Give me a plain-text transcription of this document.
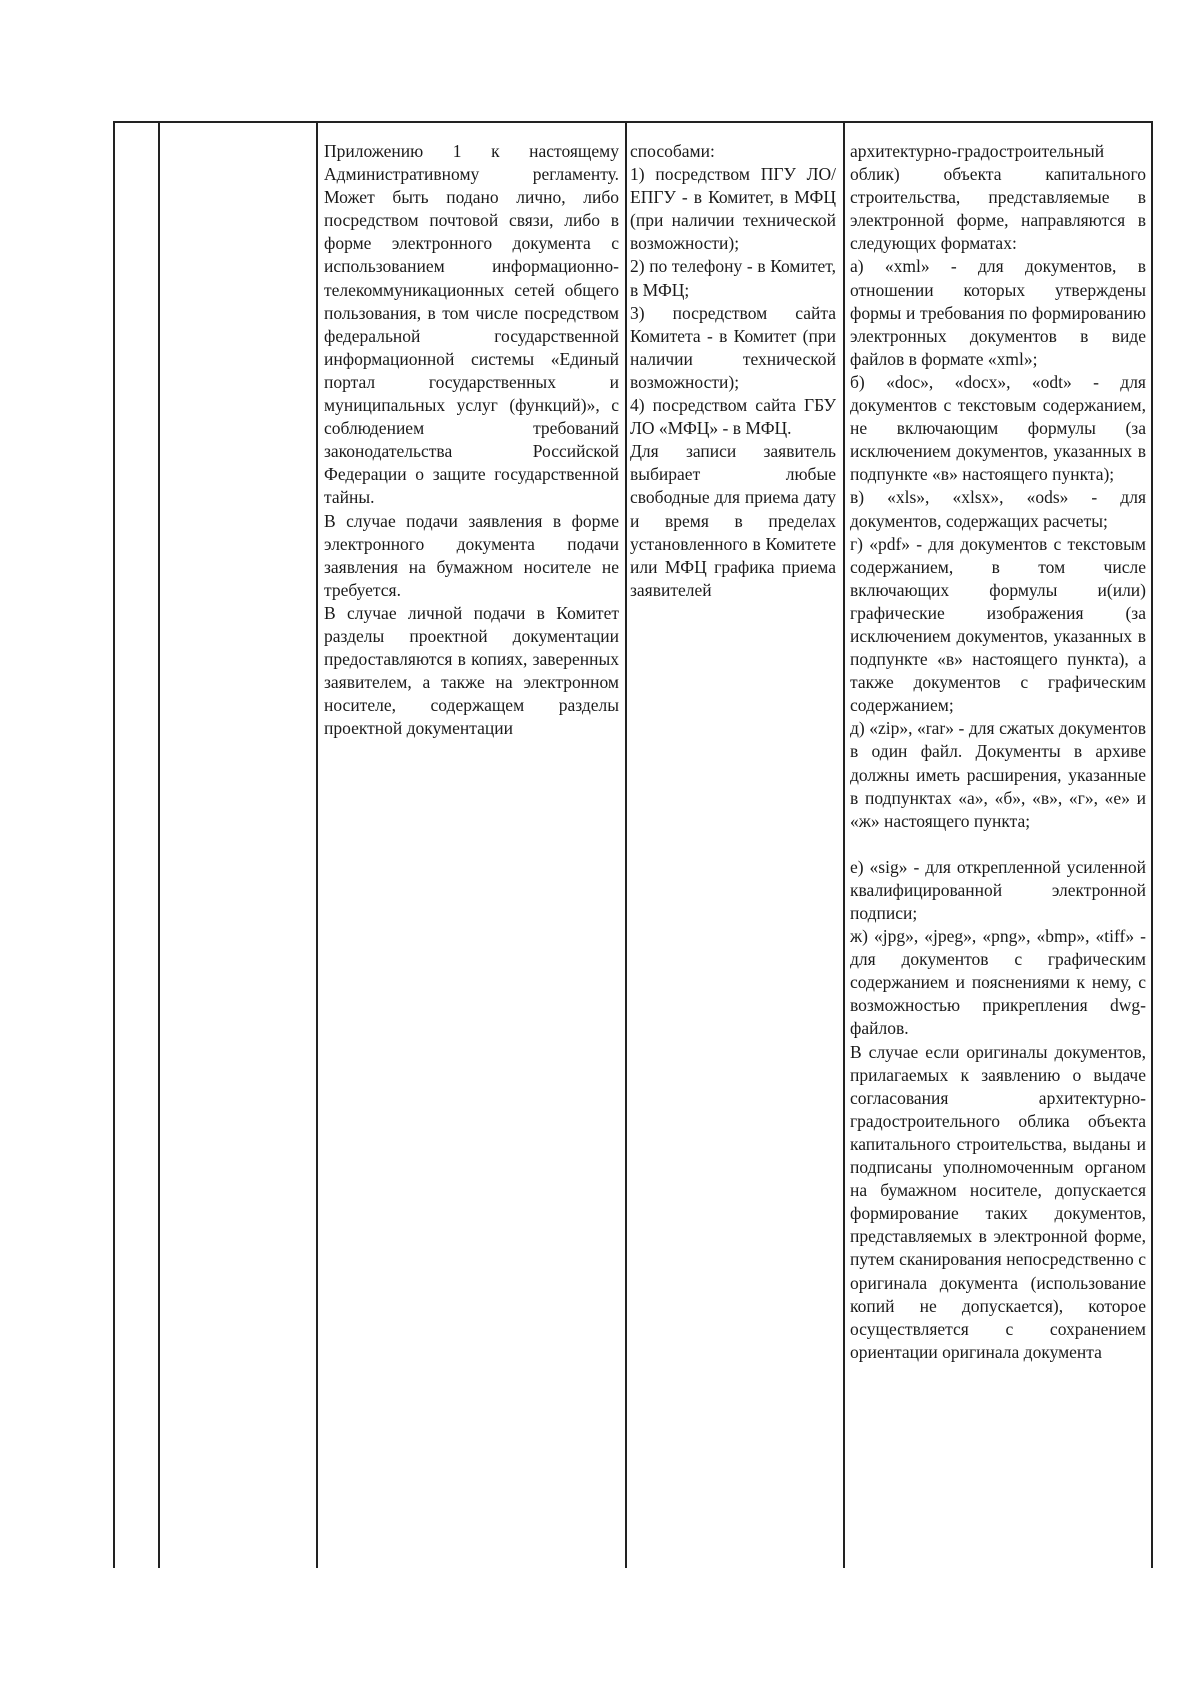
Приложению 1 к настоящему Административному регламенту. Может быть подано лично, либо посредством почтовой связи, либо в форме электронного документа с использованием информационно-телекоммуникационных сетей общего пользования, в том числе посредством федеральной государственной информационной системы «Единый портал государственных и муниципальных услуг (функций)», с соблюдением требований законодательства Российской Федерации о защите государственной тайны.

В случае подачи заявления в форме электронного документа подачи заявления на бумажном носителе не требуется.

В случае личной подачи в Комитет разделы проектной документации предоставляются в копиях, заверенных заявителем, а также на электронном носителе, содержащем разделы проектной документации

способами:

1) посредством ПГУ ЛО/ЕПГУ - в Комитет, в МФЦ (при наличии технической возможности);

2) по телефону - в Комитет, в МФЦ;

3) посредством сайта Комитета - в Комитет (при наличии технической возможности);

4) посредством сайта ГБУ ЛО «МФЦ» - в МФЦ.

Для записи заявитель выбирает любые свободные для приема дату и время в пределах установленного в Комитете или МФЦ графика приема заявителей

архитектурно-градостроительный облик) объекта капитального строительства, представляемые в электронной форме, направляются в следующих форматах:

а) «xml» - для документов, в отношении которых утверждены формы и требования по формированию электронных документов в виде файлов в формате «xml»;

б) «doc», «docx», «odt» - для документов с текстовым содержанием, не включающим формулы (за исключением документов, указанных в подпункте «в» настоящего пункта);

в) «xls», «xlsx», «ods» - для документов, содержащих расчеты;

г) «pdf» - для документов с текстовым содержанием, в том числе включающих формулы и(или) графические изображения (за исключением документов, указанных в подпункте «в» настоящего пункта), а также документов с графическим содержанием;

д) «zip», «rar» - для сжатых документов в один файл. Документы в архиве должны иметь расширения, указанные в подпунктах «а», «б», «в», «г», «е» и «ж» настоящего пункта;

е) «sig» - для открепленной усиленной квалифицированной электронной подписи;

ж) «jpg», «jpeg», «png», «bmp», «tiff» - для документов с графическим содержанием и пояснениями к нему, с возможностью прикрепления dwg-файлов.

В случае если оригиналы документов, прилагаемых к заявлению о выдаче согласования архитектурно-градостроительного облика объекта капитального строительства, выданы и подписаны уполномоченным органом на бумажном носителе, допускается формирование таких документов, представляемых в электронной форме, путем сканирования непосредственно с оригинала документа (использование копий не допускается), которое осуществляется с сохранением ориентации оригинала документа
